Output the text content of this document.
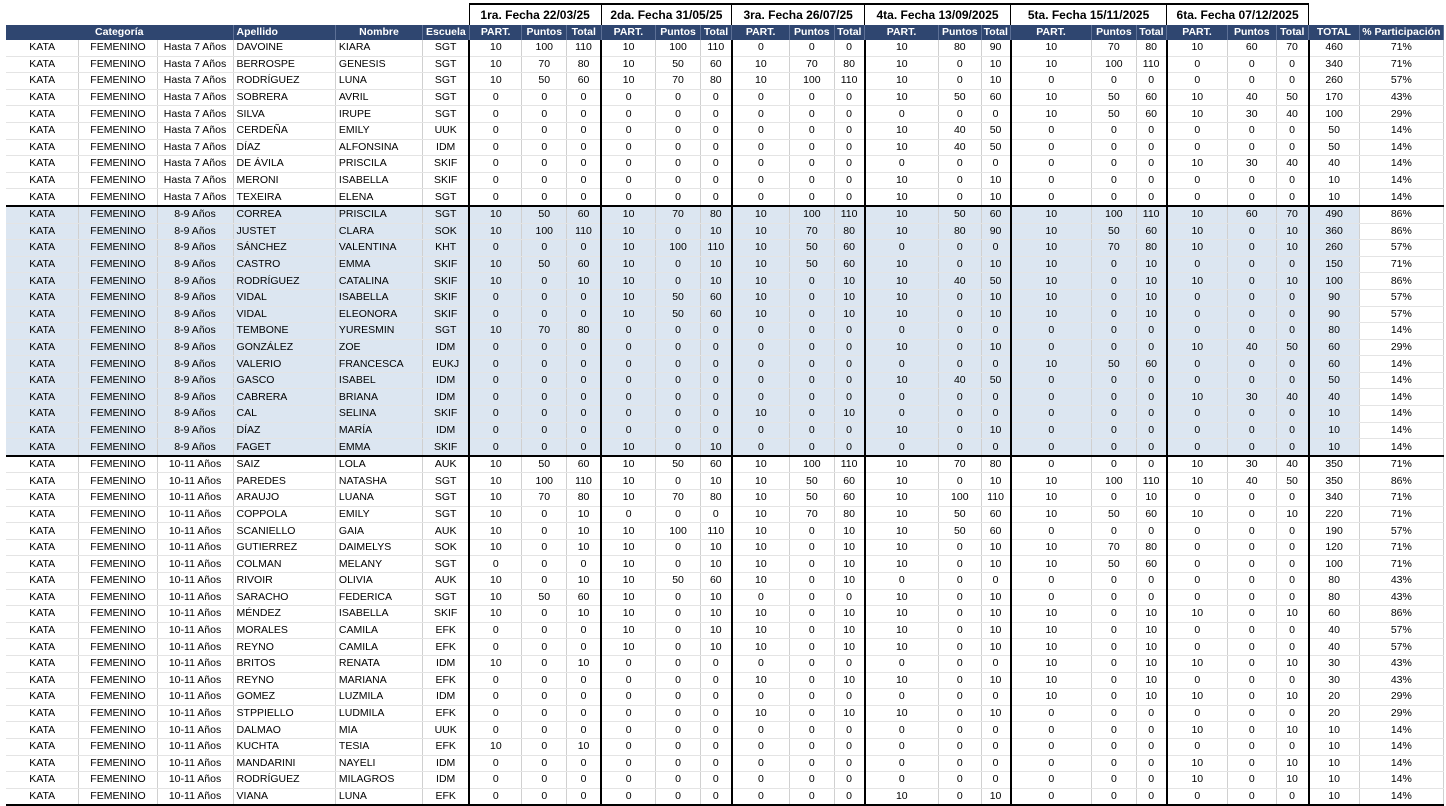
						1ra. Fecha 22/03/25			2da. Fecha 31/05/25			3ra. Fecha 26/07/25			4ta. Fecha 13/09/2025			5ta. Fecha 15/11/2025			6ta. Fecha 07/12/2025				
Categoría			Apellido	Nombre	Escuela	PART.	Puntos	Total	PART.	Puntos	Total	PART.	Puntos	Total	PART.	Puntos	Total	PART.	Puntos	Total	PART.	Puntos	Total	TOTAL	% Participación
KATA	FEMENINO	Hasta 7 Años	DAVOINE	KIARA	SGT	10	100	110	10	100	110	0	0	0	10	80	90	10	70	80	10	60	70	460	71%
KATA	FEMENINO	Hasta 7 Años	BERROSPE	GENESIS	SGT	10	70	80	10	50	60	10	70	80	10	0	10	10	100	110	0	0	0	340	71%
KATA	FEMENINO	Hasta 7 Años	RODRÍGUEZ	LUNA	SGT	10	50	60	10	70	80	10	100	110	10	0	10	0	0	0	0	0	0	260	57%
KATA	FEMENINO	Hasta 7 Años	SOBRERA	AVRIL	SGT	0	0	0	0	0	0	0	0	0	10	50	60	10	50	60	10	40	50	170	43%
KATA	FEMENINO	Hasta 7 Años	SILVA	IRUPE	SGT	0	0	0	0	0	0	0	0	0	0	0	0	10	50	60	10	30	40	100	29%
KATA	FEMENINO	Hasta 7 Años	CERDEÑA	EMILY	UUK	0	0	0	0	0	0	0	0	0	10	40	50	0	0	0	0	0	0	50	14%
KATA	FEMENINO	Hasta 7 Años	DÍAZ	ALFONSINA	IDM	0	0	0	0	0	0	0	0	0	10	40	50	0	0	0	0	0	0	50	14%
KATA	FEMENINO	Hasta 7 Años	DE ÁVILA	PRISCILA	SKIF	0	0	0	0	0	0	0	0	0	0	0	0	0	0	0	10	30	40	40	14%
KATA	FEMENINO	Hasta 7 Años	MERONI	ISABELLA	SKIF	0	0	0	0	0	0	0	0	0	10	0	10	0	0	0	0	0	0	10	14%
KATA	FEMENINO	Hasta 7 Años	TEXEIRA	ELENA	SGT	0	0	0	0	0	0	0	0	0	10	0	10	0	0	0	0	0	0	10	14%
KATA	FEMENINO	8-9 Años	CORREA	PRISCILA	SGT	10	50	60	10	70	80	10	100	110	10	50	60	10	100	110	10	60	70	490	86%
KATA	FEMENINO	8-9 Años	JUSTET	CLARA	SOK	10	100	110	10	0	10	10	70	80	10	80	90	10	50	60	10	0	10	360	86%
KATA	FEMENINO	8-9 Años	SÁNCHEZ	VALENTINA	KHT	0	0	0	10	100	110	10	50	60	0	0	0	10	70	80	10	0	10	260	57%
KATA	FEMENINO	8-9 Años	CASTRO	EMMA	SKIF	10	50	60	10	0	10	10	50	60	10	0	10	10	0	10	0	0	0	150	71%
KATA	FEMENINO	8-9 Años	RODRÍGUEZ	CATALINA	SKIF	10	0	10	10	0	10	10	0	10	10	40	50	10	0	10	10	0	10	100	86%
KATA	FEMENINO	8-9 Años	VIDAL	ISABELLA	SKIF	0	0	0	10	50	60	10	0	10	10	0	10	10	0	10	0	0	0	90	57%
KATA	FEMENINO	8-9 Años	VIDAL	ELEONORA	SKIF	0	0	0	10	50	60	10	0	10	10	0	10	10	0	10	0	0	0	90	57%
KATA	FEMENINO	8-9 Años	TEMBONE	YURESMIN	SGT	10	70	80	0	0	0	0	0	0	0	0	0	0	0	0	0	0	0	80	14%
KATA	FEMENINO	8-9 Años	GONZÁLEZ	ZOE	IDM	0	0	0	0	0	0	0	0	0	10	0	10	0	0	0	10	40	50	60	29%
KATA	FEMENINO	8-9 Años	VALERIO	FRANCESCA	EUKJ	0	0	0	0	0	0	0	0	0	0	0	0	10	50	60	0	0	0	60	14%
KATA	FEMENINO	8-9 Años	GASCO	ISABEL	IDM	0	0	0	0	0	0	0	0	0	10	40	50	0	0	0	0	0	0	50	14%
KATA	FEMENINO	8-9 Años	CABRERA	BRIANA	IDM	0	0	0	0	0	0	0	0	0	0	0	0	0	0	0	10	30	40	40	14%
KATA	FEMENINO	8-9 Años	CAL	SELINA	SKIF	0	0	0	0	0	0	10	0	10	0	0	0	0	0	0	0	0	0	10	14%
KATA	FEMENINO	8-9 Años	DÍAZ	MARÍA	IDM	0	0	0	0	0	0	0	0	0	10	0	10	0	0	0	0	0	0	10	14%
KATA	FEMENINO	8-9 Años	FAGET	EMMA	SKIF	0	0	0	10	0	10	0	0	0	0	0	0	0	0	0	0	0	0	10	14%
KATA	FEMENINO	10-11 Años	SAIZ	LOLA	AUK	10	50	60	10	50	60	10	100	110	10	70	80	0	0	0	10	30	40	350	71%
KATA	FEMENINO	10-11 Años	PAREDES	NATASHA	SGT	10	100	110	10	0	10	10	50	60	10	0	10	10	100	110	10	40	50	350	86%
KATA	FEMENINO	10-11 Años	ARAUJO	LUANA	SGT	10	70	80	10	70	80	10	50	60	10	100	110	10	0	10	0	0	0	340	71%
KATA	FEMENINO	10-11 Años	COPPOLA	EMILY	SGT	10	0	10	0	0	0	10	70	80	10	50	60	10	50	60	10	0	10	220	71%
KATA	FEMENINO	10-11 Años	SCANIELLO	GAIA	AUK	10	0	10	10	100	110	10	0	10	10	50	60	0	0	0	0	0	0	190	57%
KATA	FEMENINO	10-11 Años	GUTIERREZ	DAIMELYS	SOK	10	0	10	10	0	10	10	0	10	10	0	10	10	70	80	0	0	0	120	71%
KATA	FEMENINO	10-11 Años	COLMAN	MELANY	SGT	0	0	0	10	0	10	10	0	10	10	0	10	10	50	60	0	0	0	100	71%
KATA	FEMENINO	10-11 Años	RIVOIR	OLIVIA	AUK	10	0	10	10	50	60	10	0	10	0	0	0	0	0	0	0	0	0	80	43%
KATA	FEMENINO	10-11 Años	SARACHO	FEDERICA	SGT	10	50	60	10	0	10	0	0	0	10	0	10	0	0	0	0	0	0	80	43%
KATA	FEMENINO	10-11 Años	MÉNDEZ	ISABELLA	SKIF	10	0	10	10	0	10	10	0	10	10	0	10	10	0	10	10	0	10	60	86%
KATA	FEMENINO	10-11 Años	MORALES	CAMILA	EFK	0	0	0	10	0	10	10	0	10	10	0	10	10	0	10	0	0	0	40	57%
KATA	FEMENINO	10-11 Años	REYNO	CAMILA	EFK	0	0	0	10	0	10	10	0	10	10	0	10	10	0	10	0	0	0	40	57%
KATA	FEMENINO	10-11 Años	BRITOS	RENATA	IDM	10	0	10	0	0	0	0	0	0	0	0	0	10	0	10	10	0	10	30	43%
KATA	FEMENINO	10-11 Años	REYNO	MARIANA	EFK	0	0	0	0	0	0	10	0	10	10	0	10	10	0	10	0	0	0	30	43%
KATA	FEMENINO	10-11 Años	GOMEZ	LUZMILA	IDM	0	0	0	0	0	0	0	0	0	0	0	0	10	0	10	10	0	10	20	29%
KATA	FEMENINO	10-11 Años	STPPIELLO	LUDMILA	EFK	0	0	0	0	0	0	10	0	10	10	0	10	0	0	0	0	0	0	20	29%
KATA	FEMENINO	10-11 Años	DALMAO	MIA	UUK	0	0	0	0	0	0	0	0	0	0	0	0	0	0	0	10	0	10	10	14%
KATA	FEMENINO	10-11 Años	KUCHTA	TESIA	EFK	10	0	10	0	0	0	0	0	0	0	0	0	0	0	0	0	0	0	10	14%
KATA	FEMENINO	10-11 Años	MANDARINI	NAYELI	IDM	0	0	0	0	0	0	0	0	0	0	0	0	0	0	0	10	0	10	10	14%
KATA	FEMENINO	10-11 Años	RODRÍGUEZ	MILAGROS	IDM	0	0	0	0	0	0	0	0	0	0	0	0	0	0	0	10	0	10	10	14%
KATA	FEMENINO	10-11 Años	VIANA	LUNA	EFK	0	0	0	0	0	0	0	0	0	10	0	10	0	0	0	0	0	0	10	14%
